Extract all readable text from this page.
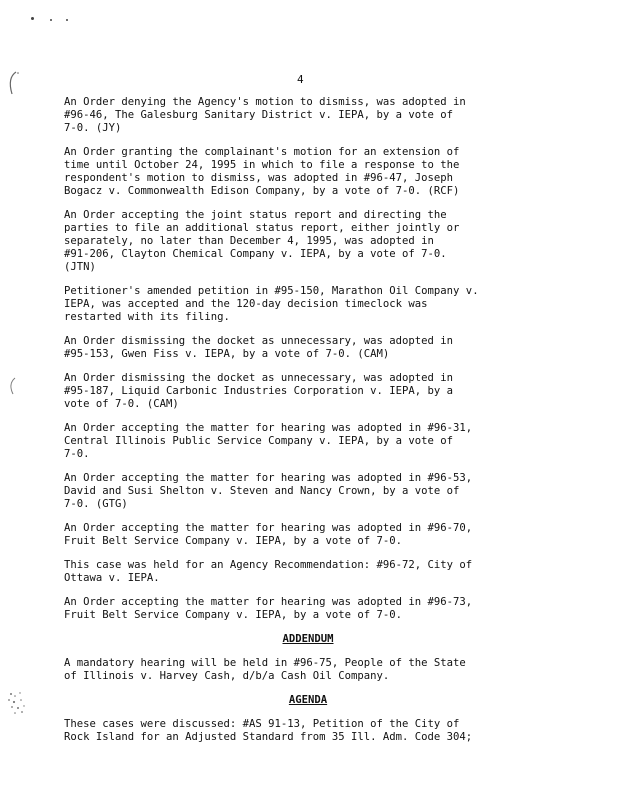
4

An Order denying the Agency's motion to dismiss, was adopted in
#96-46, The Galesburg Sanitary District v. IEPA, by a vote of
7-0. (JY)

An Order granting the complainant's motion for an extension of
time until October 24, 1995 in which to file a response to the
respondent's motion to dismiss, was adopted in #96-47, Joseph
Bogacz v. Commonwealth Edison Company, by a vote of 7-0. (RCF)

An Order accepting the joint status report and directing the
parties to file an additional status report, either jointly or
separately, no later than December 4, 1995, was adopted in
#91-206, Clayton Chemical Company v. IEPA, by a vote of 7-0.
(JTN)

Petitioner's amended petition in #95-150, Marathon Oil Company v.
IEPA, was accepted and the 120-day decision timeclock was
restarted with its filing.

An Order dismissing the docket as unnecessary, was adopted in
#95-153, Gwen Fiss v. IEPA, by a vote of 7-0. (CAM)

An Order dismissing the docket as unnecessary, was adopted in
#95-187, Liquid Carbonic Industries Corporation v. IEPA, by a
vote of 7-0. (CAM)

An Order accepting the matter for hearing was adopted in #96-31,
Central Illinois Public Service Company v. IEPA, by a vote of
7-0.

An Order accepting the matter for hearing was adopted in #96-53,
David and Susi Shelton v. Steven and Nancy Crown, by a vote of
7-0. (GTG)

An Order accepting the matter for hearing was adopted in #96-70,
Fruit Belt Service Company v. IEPA, by a vote of 7-0.

This case was held for an Agency Recommendation: #96-72, City of
Ottawa v. IEPA.

An Order accepting the matter for hearing was adopted in #96-73,
Fruit Belt Service Company v. IEPA, by a vote of 7-0.

ADDENDUM

A mandatory hearing will be held in #96-75, People of the State
of Illinois v. Harvey Cash, d/b/a Cash Oil Company.

AGENDA

These cases were discussed: #AS 91-13, Petition of the City of
Rock Island for an Adjusted Standard from 35 Ill. Adm. Code 304;
